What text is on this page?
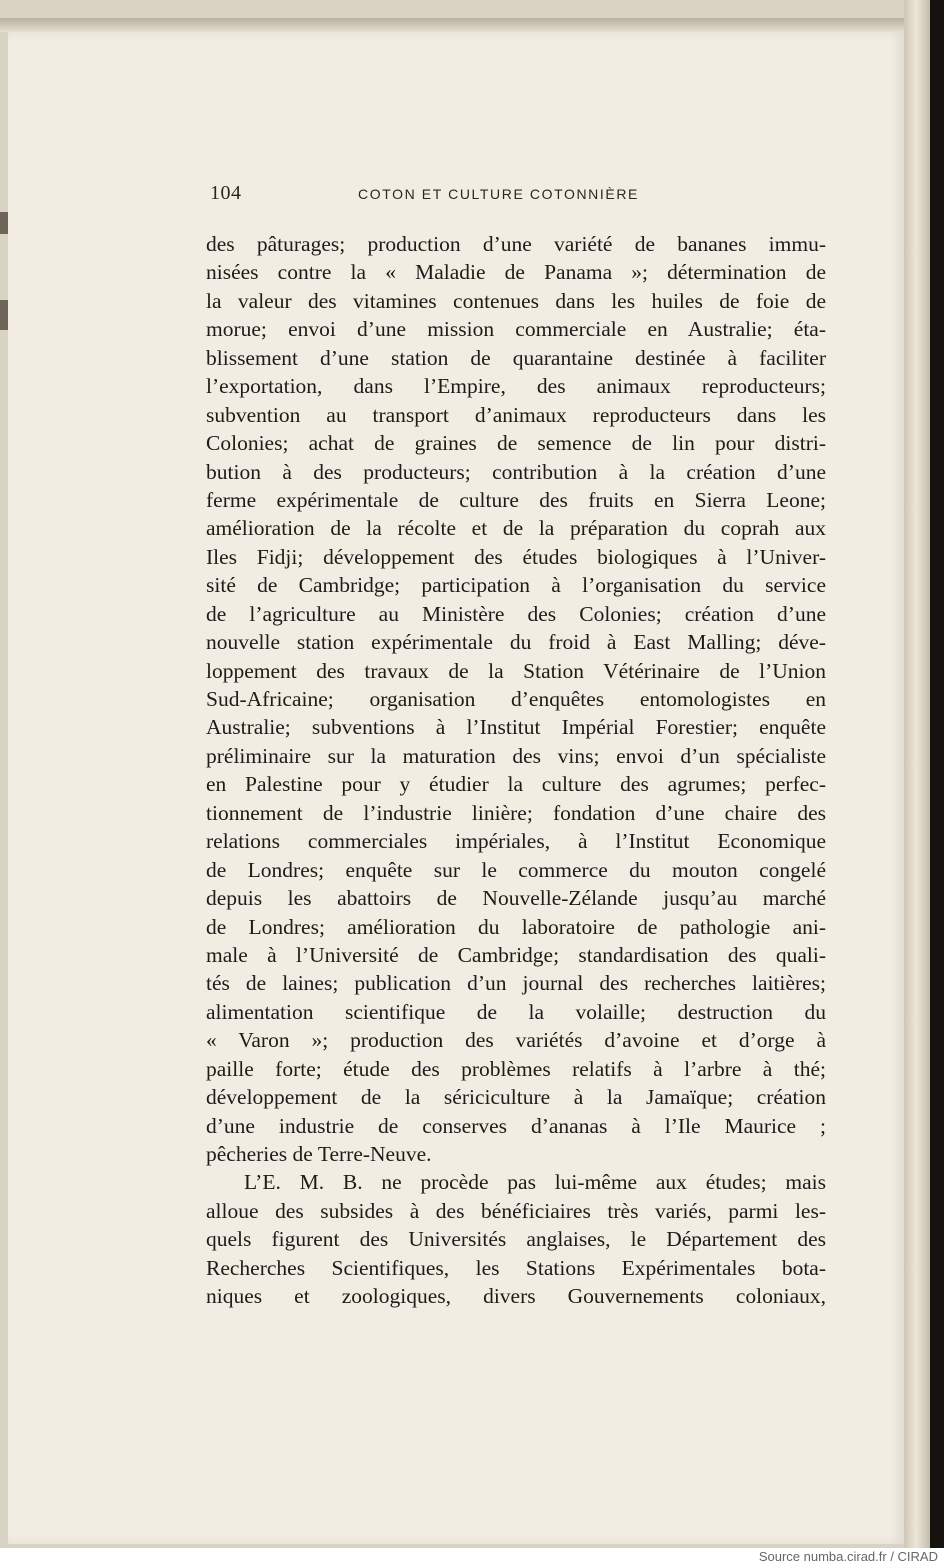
104	COTON ET CULTURE COTONNIÈRE
des pâturages; production d’une variété de bananes immu-
nisées contre la « Maladie de Panama »; détermination de
la valeur des vitamines contenues dans les huiles de foie de
morue; envoi d’une mission commerciale en Australie; éta-
blissement d’une station de quarantaine destinée à faciliter
l’exportation, dans l’Empire, des animaux reproducteurs;
subvention au transport d’animaux reproducteurs dans les
Colonies; achat de graines de semence de lin pour distri-
bution à des producteurs; contribution à la création d’une
ferme expérimentale de culture des fruits en Sierra Leone;
amélioration de la récolte et de la préparation du coprah aux
Iles Fidji; développement des études biologiques à l’Univer-
sité de Cambridge; participation à l’organisation du service
de l’agriculture au Ministère des Colonies; création d’une
nouvelle station expérimentale du froid à East Malling; déve-
loppement des travaux de la Station Vétérinaire de l’Union
Sud-Africaine; organisation d’enquêtes entomologistes en
Australie; subventions à l’Institut Impérial Forestier; enquête
préliminaire sur la maturation des vins; envoi d’un spécialiste
en Palestine pour y étudier la culture des agrumes; perfec-
tionnement de l’industrie linière; fondation d’une chaire des
relations commerciales impériales, à l’Institut Economique
de Londres; enquête sur le commerce du mouton congelé
depuis les abattoirs de Nouvelle-Zélande jusqu’au marché
de Londres; amélioration du laboratoire de pathologie ani-
male à l’Université de Cambridge; standardisation des quali-
tés de laines; publication d’un journal des recherches laitières;
alimentation scientifique de la volaille; destruction du
« Varon »; production des variétés d’avoine et d’orge à
paille forte; étude des problèmes relatifs à l’arbre à thé;
développement de la sériciculture à la Jamaïque; création
d’une industrie de conserves d’ananas à l’Ile Maurice ;
pêcheries de Terre-Neuve.
L’E. M. B. ne procède pas lui-même aux études; mais
alloue des subsides à des bénéficiaires très variés, parmi les-
quels figurent des Universités anglaises, le Département des
Recherches Scientifiques, les Stations Expérimentales bota-
niques et zoologiques, divers Gouvernements coloniaux,
Source numba.cirad.fr / CIRAD
